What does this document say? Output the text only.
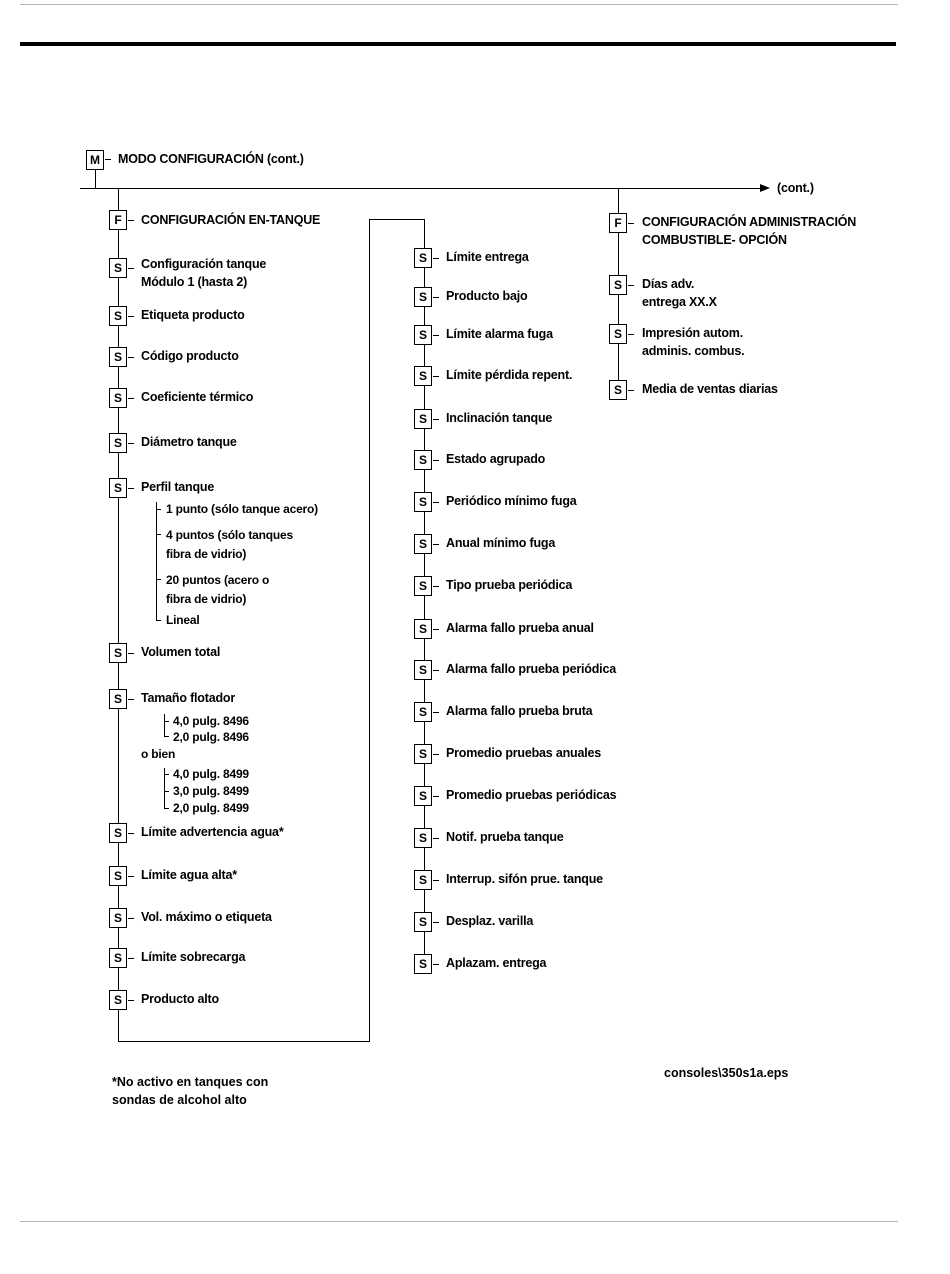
M	MODO CONFIGURACIÓN (cont.)
(cont.)
F	CONFIGURACIÓN EN-TANQUE
S	Configuración tanque
Módulo 1 (hasta 2)
S	Etiqueta producto
S	Código producto
S	Coeficiente térmico
S	Diámetro tanque
S	Perfil tanque
1 punto (sólo tanque acero)
4 puntos (sólo tanques
fibra de vidrio)
20 puntos (acero o
fibra de vidrio)
Lineal
S	Volumen total
S	Tamaño flotador
4,0 pulg. 8496
2,0 pulg. 8496
o bien
4,0 pulg. 8499
3,0 pulg. 8499
2,0 pulg. 8499
S	Límite advertencia agua*
S	Límite agua alta*
S	Vol. máximo o etiqueta
S	Límite sobrecarga
S	Producto alto
S	Límite entrega
S	Producto bajo
S	Límite alarma fuga
S	Límite pérdida repent.
S	Inclinación tanque
S	Estado agrupado
S	Periódico mínimo fuga
S	Anual mínimo fuga
S	Tipo prueba periódica
S	Alarma fallo prueba anual
S	Alarma fallo prueba periódica
S	Alarma fallo prueba bruta
S	Promedio pruebas anuales
S	Promedio pruebas periódicas
S	Notif. prueba tanque
S	Interrup. sifón prue. tanque
S	Desplaz. varilla
S	Aplazam. entrega
F	CONFIGURACIÓN ADMINISTRACIÓN
COMBUSTIBLE- OPCIÓN
S	Días adv.
entrega XX.X
S	Impresión autom.
adminis. combus.
S	Media de ventas diarias
*No activo en tanques con
sondas de alcohol alto
consoles\350s1a.eps
